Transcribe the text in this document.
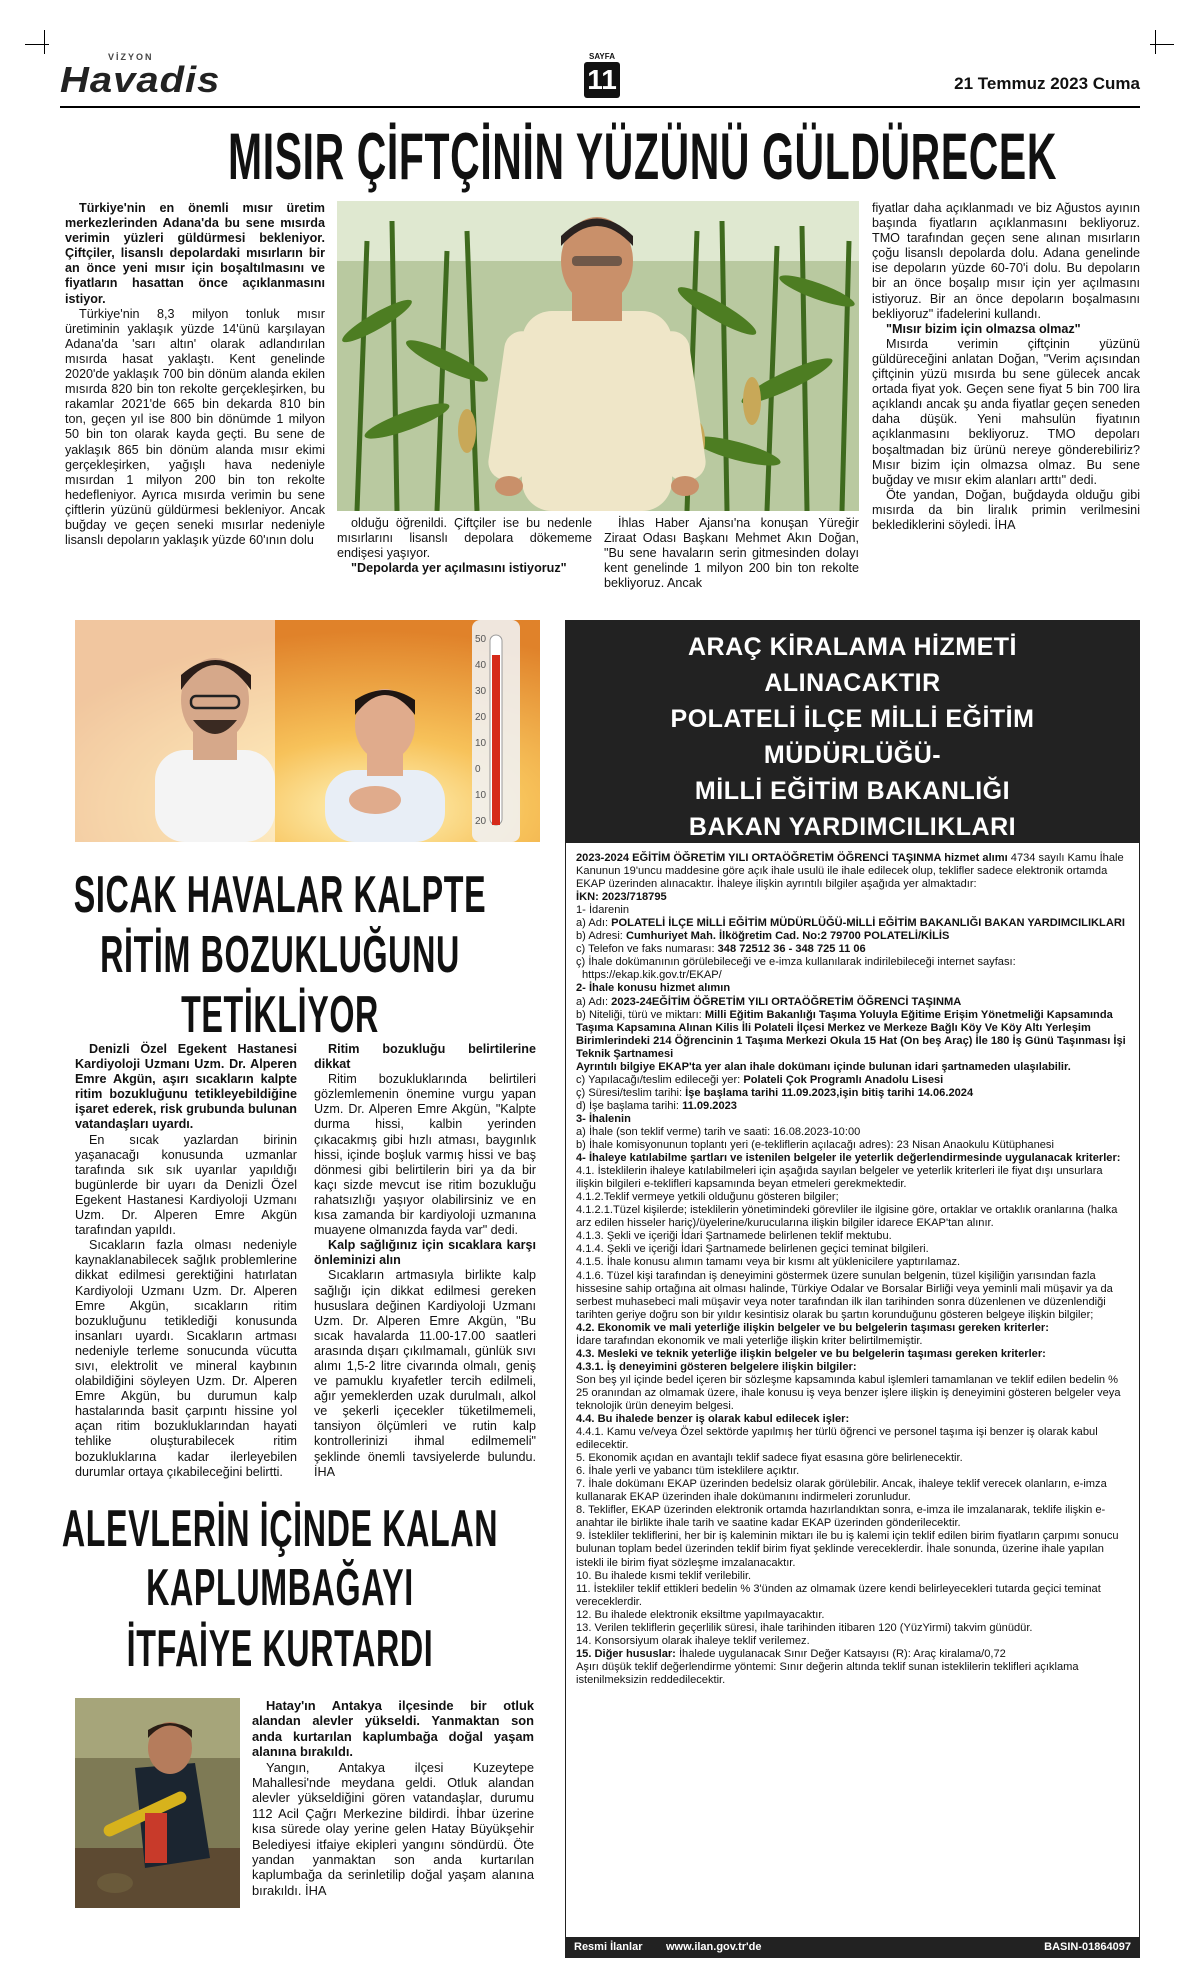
VİZYON
Havadis
SAYFA
11	21 Temmuz 2023 Cuma
MISIR ÇİFTÇİNİN YÜZÜNÜ GÜLDÜRECEK

Türkiye'nin en önemli mısır üretim merkezlerinden Adana'da bu sene mısırda verimin yüzleri güldürmesi bekleniyor. Çiftçiler, lisanslı depolardaki mısırların bir an önce yeni mısır için boşaltılmasını ve fiyatların hasattan önce açıklanmasını istiyor.

Türkiye'nin 8,3 milyon tonluk mısır üretiminin yaklaşık yüzde 14'ünü karşılayan Adana'da 'sarı altın' olarak adlandırılan mısırda hasat yaklaştı. Kent genelinde 2020'de yaklaşık 700 bin dönüm alanda ekilen mısırda 820 bin ton rekolte gerçekleşirken, bu rakamlar 2021'de 665 bin dekarda 810 bin ton, geçen yıl ise 800 bin dönümde 1 milyon 50 bin ton olarak kayda geçti. Bu sene de yaklaşık 865 bin dönüm alanda mısır ekimi gerçekleşirken, yağışlı hava nedeniyle mısırdan 1 milyon 200 bin ton rekolte hedefleniyor. Ayrıca mısırda verimin bu sene çiftlerin yüzünü güldürmesi bekleniyor. Ancak buğday ve geçen seneki mısırlar nedeniyle lisanslı depoların yaklaşık yüzde 60'ının dolu

olduğu öğrenildi. Çiftçiler ise bu nedenle mısırlarını lisanslı depolara dökememe endişesi yaşıyor.

"Depolarda yer açılmasını istiyoruz"

İhlas Haber Ajansı'na konuşan Yüreğir Ziraat Odası Başkanı Mehmet Akın Doğan, "Bu sene havaların serin gitmesinden dolayı kent genelinde 1 milyon 200 bin ton rekolte bekliyoruz. Ancak

fiyatlar daha açıklanmadı ve biz Ağustos ayının başında fiyatların açıklanmasını bekliyoruz. TMO tarafından geçen sene alınan mısırların çoğu lisanslı depolarda dolu. Adana genelinde ise depoların yüzde 60-70'i dolu. Bu depoların bir an önce boşalıp mısır için yer açılmasını istiyoruz. Bir an önce depoların boşalmasını bekliyoruz" ifadelerini kullandı.

"Mısır bizim için olmazsa olmaz"

Mısırda verimin çiftçinin yüzünü güldüreceğini anlatan Doğan, "Verim açısından çiftçinin yüzü mısırda bu sene gülecek ancak ortada fiyat yok. Geçen sene fiyat 5 bin 700 lira açıklandı ancak şu anda fiyatlar geçen seneden daha düşük. Yeni mahsulün fiyatının açıklanmasını bekliyoruz. TMO depoları boşaltmadan biz ürünü nereye gönderebiliriz? Mısır bizim için olmazsa olmaz. Bu sene buğday ve mısır ekim alanları arttı" dedi.

Öte yandan, Doğan, buğdayda olduğu gibi mısırda da bin liralık primin verilmesini beklediklerini söyledi. İHA

50
40
30
20
10
0
10
20
SICAK HAVALAR KALPTE
RİTİM BOZUKLUĞUNU
TETİKLİYOR

Denizli Özel Egekent Hastanesi Kardiyoloji Uzmanı Uzm. Dr. Alperen Emre Akgün, aşırı sıcakların kalpte ritim bozukluğunu tetikleyebildiğine işaret ederek, risk grubunda bulunan vatandaşları uyardı.

En sıcak yazlardan birinin yaşanacağı konusunda uzmanlar tarafında sık sık uyarılar yapıldığı bugünlerde bir uyarı da Denizli Özel Egekent Hastanesi Kardiyoloji Uzmanı Uzm. Dr. Alperen Emre Akgün tarafından yapıldı.

Sıcakların fazla olması nedeniyle kaynaklanabilecek sağlık problemlerine dikkat edilmesi gerektiğini hatırlatan Kardiyoloji Uzmanı Uzm. Dr. Alperen Emre Akgün, sıcakların ritim bozukluğunu tetiklediği konusunda insanları uyardı. Sıcakların artması nedeniyle terleme sonucunda vücutta sıvı, elektrolit ve mineral kaybının olabildiğini söyleyen Uzm. Dr. Alperen Emre Akgün, bu durumun kalp hastalarında basit çarpıntı hissine yol açan ritim bozukluklarından hayati tehlike oluşturabilecek ritim bozukluklarına kadar ilerleyebilen durumlar ortaya çıkabileceğini belirtti.

Ritim bozukluğu belirtilerine dikkat

Ritim bozukluklarında belirtileri gözlemlemenin önemine vurgu yapan Uzm. Dr. Alperen Emre Akgün, "Kalpte durma hissi, kalbin yerinden çıkacakmış gibi hızlı atması, baygınlık hissi, içinde boşluk varmış hissi ve baş dönmesi gibi belirtilerin biri ya da bir kaçı sizde mevcut ise ritim bozukluğu rahatsızlığı yaşıyor olabilirsiniz ve en kısa zamanda bir kardiyoloji uzmanına muayene olmanızda fayda var" dedi.

Kalp sağlığınız için sıcaklara karşı önleminizi alın

Sıcakların artmasıyla birlikte kalp sağlığı için dikkat edilmesi gereken hususlara değinen Kardiyoloji Uzmanı Uzm. Dr. Alperen Emre Akgün, "Bu sıcak havalarda 11.00-17.00 saatleri arasında dışarı çıkılmamalı, günlük sıvı alımı 1,5-2 litre civarında olmalı, geniş ve pamuklu kıyafetler tercih edilmeli, ağır yemeklerden uzak durulmalı, alkol ve şekerli içecekler tüketilmemeli, tansiyon ölçümleri ve rutin kalp kontrollerinizi ihmal edilmemeli" şeklinde önemli tavsiyelerde bulundu. İHA

ALEVLERİN İÇİNDE KALAN
KAPLUMBAĞAYI
İTFAİYE KURTARDI

Hatay'ın Antakya ilçesinde bir otluk alandan alevler yükseldi. Yanmaktan son anda kurtarılan kaplumbağa doğal yaşam alanına bırakıldı.

Yangın, Antakya ilçesi Kuzeytepe Mahallesi'nde meydana geldi. Otluk alandan alevler yükseldiğini gören vatandaşlar, durumu 112 Acil Çağrı Merkezine bildirdi. İhbar üzerine kısa sürede olay yerine gelen Hatay Büyükşehir Belediyesi itfaiye ekipleri yangını söndürdü. Öte yandan yanmaktan son anda kurtarılan kaplumbağa da serinletilip doğal yaşam alanına bırakıldı. İHA

ARAÇ KİRALAMA HİZMETİ
ALINACAKTIR
POLATELİ İLÇE MİLLİ EĞİTİM
MÜDÜRLÜĞÜ-
MİLLİ EĞİTİM BAKANLIĞI
BAKAN YARDIMCILIKLARI
2023-2024 EĞİTİM ÖĞRETİM YILI ORTAÖĞRETİM ÖĞRENCİ TAŞINMA hizmet alımı 4734 sayılı Kamu İhale Kanunun 19'uncu maddesine göre açık ihale usulü ile ihale edilecek olup, teklifler sadece elektronik ortamda EKAP üzerinden alınacaktır. İhaleye ilişkin ayrıntılı bilgiler aşağıda yer almaktadır:
İKN: 2023/718795
1- İdarenin
a) Adı: POLATELİ İLÇE MİLLİ EĞİTİM MÜDÜRLÜĞÜ-MİLLİ EĞİTİM BAKANLIĞI BAKAN YARDIMCILIKLARI
b) Adresi: Cumhuriyet Mah. İlköğretim Cad. No:2 79700 POLATELİ/KİLİS
c) Telefon ve faks numarası: 348 72512 36 - 348 725 11 06
ç) İhale dokümanının görülebileceği ve e-imza kullanılarak indirilebileceği internet sayfası:
https://ekap.kik.gov.tr/EKAP/
2- İhale konusu hizmet alımın
a) Adı: 2023-24EĞİTİM ÖĞRETİM YILI ORTAÖĞRETİM ÖĞRENCİ TAŞINMA
b) Niteliği, türü ve miktarı: Milli Eğitim Bakanlığı Taşıma Yoluyla Eğitime Erişim Yönetmeliği Kapsamında Taşıma Kapsamına Alınan Kilis İli Polateli İlçesi Merkez ve Merkeze Bağlı Köy Ve Köy Altı Yerleşim Birimlerindeki 214 Öğrencinin 1 Taşıma Merkezi Okula 15 Hat (On beş Araç) İle 180 İş Günü Taşınması İşi Teknik Şartnamesi
Ayrıntılı bilgiye EKAP'ta yer alan ihale dokümanı içinde bulunan idari şartnameden ulaşılabilir.
c) Yapılacağı/teslim edileceği yer: Polateli Çok Programlı Anadolu Lisesi
ç) Süresi/teslim tarihi: İşe başlama tarihi 11.09.2023,işin bitiş tarihi 14.06.2024
d) İşe başlama tarihi: 11.09.2023
3- İhalenin
a) İhale (son teklif verme) tarih ve saati: 16.08.2023-10:00
b) İhale komisyonunun toplantı yeri (e-tekliflerin açılacağı adres): 23 Nisan Anaokulu Kütüphanesi
4- İhaleye katılabilme şartları ve istenilen belgeler ile yeterlik değerlendirmesinde uygulanacak kriterler:
4.1. İsteklilerin ihaleye katılabilmeleri için aşağıda sayılan belgeler ve yeterlik kriterleri ile fiyat dışı unsurlara ilişkin bilgileri e-teklifleri kapsamında beyan etmeleri gerekmektedir.
4.1.2.Teklif vermeye yetkili olduğunu gösteren bilgiler;
4.1.2.1.Tüzel kişilerde; isteklilerin yönetimindeki görevliler ile ilgisine göre, ortaklar ve ortaklık oranlarına (halka arz edilen hisseler hariç)/üyelerine/kurucularına ilişkin bilgiler idarece EKAP'tan alınır.
4.1.3. Şekli ve içeriği İdari Şartnamede belirlenen teklif mektubu.
4.1.4. Şekli ve içeriği İdari Şartnamede belirlenen geçici teminat bilgileri.
4.1.5. İhale konusu alımın tamamı veya bir kısmı alt yüklenicilere yaptırılamaz.
4.1.6. Tüzel kişi tarafından iş deneyimini göstermek üzere sunulan belgenin, tüzel kişiliğin yarısından fazla hissesine sahip ortağına ait olması halinde, Türkiye Odalar ve Borsalar Birliği veya yeminli mali müşavir ya da serbest muhasebeci mali müşavir veya noter tarafından ilk ilan tarihinden sonra düzenlenen ve düzenlendiği tarihten geriye doğru son bir yıldır kesintisiz olarak bu şartın korunduğunu gösteren belgeye ilişkin bilgiler;
4.2. Ekonomik ve mali yeterliğe ilişkin belgeler ve bu belgelerin taşıması gereken kriterler:
İdare tarafından ekonomik ve mali yeterliğe ilişkin kriter belirtilmemiştir.
4.3. Mesleki ve teknik yeterliğe ilişkin belgeler ve bu belgelerin taşıması gereken kriterler:
4.3.1. İş deneyimini gösteren belgelere ilişkin bilgiler:
Son beş yıl içinde bedel içeren bir sözleşme kapsamında kabul işlemleri tamamlanan ve teklif edilen bedelin % 25 oranından az olmamak üzere, ihale konusu iş veya benzer işlere ilişkin iş deneyimini gösteren belgeler veya teknolojik ürün deneyim belgesi.
4.4. Bu ihalede benzer iş olarak kabul edilecek işler:
4.4.1. Kamu ve/veya Özel sektörde yapılmış her türlü öğrenci ve personel taşıma işi benzer iş olarak kabul edilecektir.
5. Ekonomik açıdan en avantajlı teklif sadece fiyat esasına göre belirlenecektir.
6. İhale yerli ve yabancı tüm isteklilere açıktır.
7. İhale dokümanı EKAP üzerinden bedelsiz olarak görülebilir. Ancak, ihaleye teklif verecek olanların, e-imza kullanarak EKAP üzerinden ihale dokümanını indirmeleri zorunludur.
8. Teklifler, EKAP üzerinden elektronik ortamda hazırlandıktan sonra, e-imza ile imzalanarak, teklife ilişkin e-anahtar ile birlikte ihale tarih ve saatine kadar EKAP üzerinden gönderilecektir.
9. İstekliler tekliflerini, her bir iş kaleminin miktarı ile bu iş kalemi için teklif edilen birim fiyatların çarpımı sonucu bulunan toplam bedel üzerinden teklif birim fiyat şeklinde vereceklerdir. İhale sonunda, üzerine ihale yapılan istekli ile birim fiyat sözleşme imzalanacaktır.
10. Bu ihalede kısmi teklif verilebilir.
11. İstekliler teklif ettikleri bedelin % 3'ünden az olmamak üzere kendi belirleyecekleri tutarda geçici teminat vereceklerdir.
12. Bu ihalede elektronik eksiltme yapılmayacaktır.
13. Verilen tekliflerin geçerlilik süresi, ihale tarihinden itibaren 120 (YüzYirmi) takvim günüdür.
14. Konsorsiyum olarak ihaleye teklif verilemez.
15. Diğer hususlar: İhalede uygulanacak Sınır Değer Katsayısı (R): Araç kiralama/0,72
Aşırı düşük teklif değerlendirme yöntemi: Sınır değerin altında teklif sunan isteklilerin teklifleri açıklama istenilmeksizin reddedilecektir.
Resmi İlanlar www.ilan.gov.tr'de	BASIN-01864097
